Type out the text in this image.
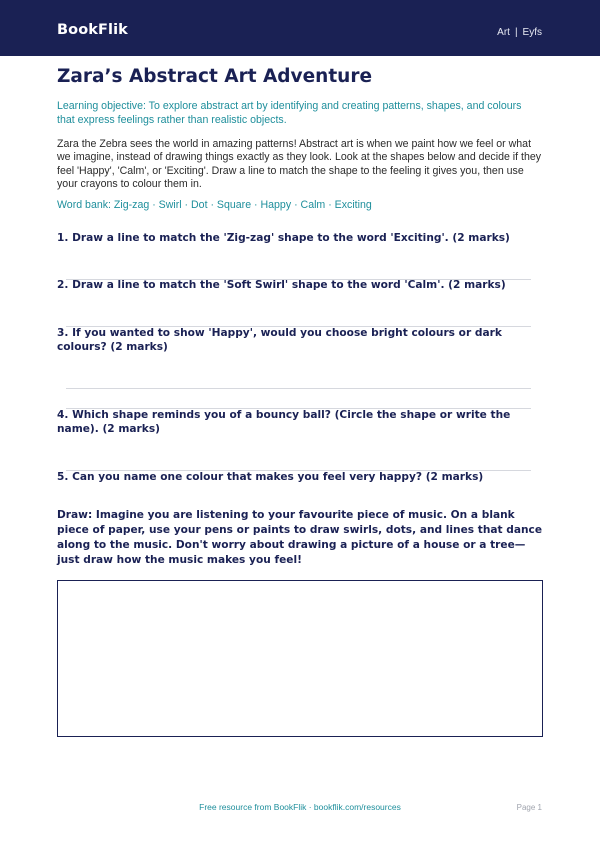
BookFlik	Art | Eyfs
Zara’s Abstract Art Adventure

Learning objective: To explore abstract art by identifying and creating patterns, shapes, and colours that express feelings rather than realistic objects.

Zara the Zebra sees the world in amazing patterns! Abstract art is when we paint how we feel or what we imagine, instead of drawing things exactly as they look. Look at the shapes below and decide if they feel 'Happy', 'Calm', or 'Exciting'. Draw a line to match the shape to the feeling it gives you, then use your crayons to colour them in.

Word bank: Zig-zag · Swirl · Dot · Square · Happy · Calm · Exciting

1. Draw a line to match the 'Zig-zag' shape to the word 'Exciting'. (2 marks)
2. Draw a line to match the 'Soft Swirl' shape to the word 'Calm'. (2 marks)
3. If you wanted to show 'Happy', would you choose bright colours or dark colours? (2 marks)
4. Which shape reminds you of a bouncy ball? (Circle the shape or write the name). (2 marks)
5. Can you name one colour that makes you feel very happy? (2 marks)
Draw: Imagine you are listening to your favourite piece of music. On a blank piece of paper, use your pens or paints to draw swirls, dots, and lines that dance along to the music. Don't worry about drawing a picture of a house or a tree—just draw how the music makes you feel!
Free resource from BookFlik · bookflik.com/resources	Page 1
